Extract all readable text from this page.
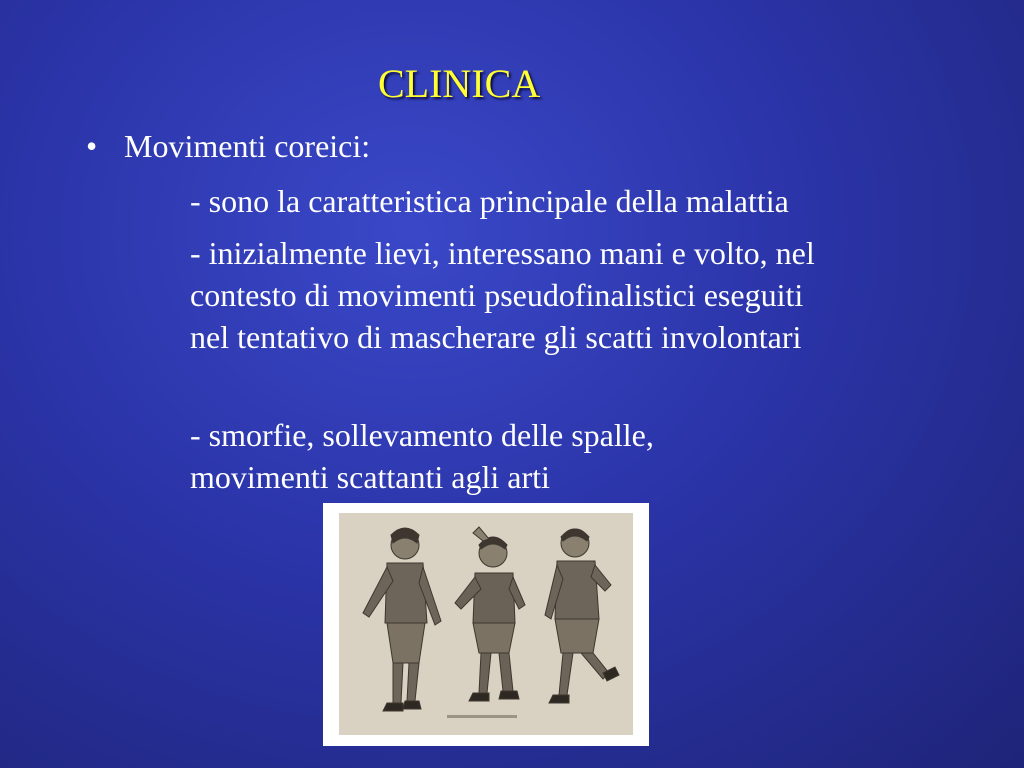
CLINICA
• Movimenti coreici:

- sono la caratteristica principale della malattia

- inizialmente lievi, interessano mani e volto, nel contesto di movimenti pseudofinalistici eseguiti nel tentativo di mascherare gli scatti involontari

- smorfie, sollevamento delle spalle, movimenti scattanti agli arti
